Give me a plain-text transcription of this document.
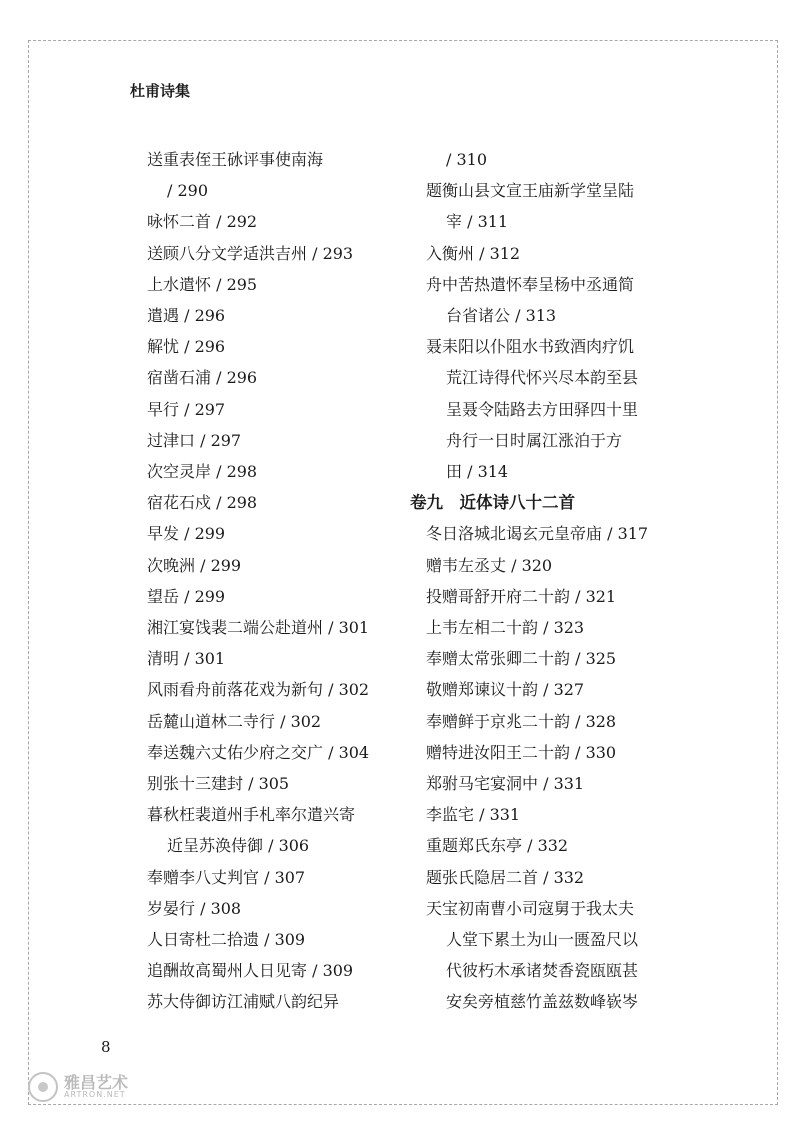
杜甫诗集
送重表侄王砅评事使南海
/ 290
咏怀二首 / 292
送顾八分文学适洪吉州 / 293
上水遣怀 / 295
遣遇 / 296
解忧 / 296
宿凿石浦 / 296
早行 / 297
过津口 / 297
次空灵岸 / 298
宿花石戍 / 298
早发 / 299
次晚洲 / 299
望岳 / 299
湘江宴饯裴二端公赴道州 / 301
清明 / 301
风雨看舟前落花戏为新句 / 302
岳麓山道林二寺行 / 302
奉送魏六丈佑少府之交广 / 304
别张十三建封 / 305
暮秋枉裴道州手札率尔遣兴寄
近呈苏涣侍御 / 306
奉赠李八丈判官 / 307
岁晏行 / 308
人日寄杜二拾遗 / 309
追酬故高蜀州人日见寄 / 309
苏大侍御访江浦赋八韵纪异
/ 310
题衡山县文宣王庙新学堂呈陆
宰 / 311
入衡州 / 312
舟中苦热遣怀奉呈杨中丞通简
台省诸公 / 313
聂耒阳以仆阻水书致酒肉疗饥
荒江诗得代怀兴尽本韵至县
呈聂令陆路去方田驿四十里
舟行一日时属江涨泊于方
田 / 314
卷九　近体诗八十二首
冬日洛城北谒玄元皇帝庙 / 317
赠韦左丞丈 / 320
投赠哥舒开府二十韵 / 321
上韦左相二十韵 / 323
奉赠太常张卿二十韵 / 325
敬赠郑谏议十韵 / 327
奉赠鲜于京兆二十韵 / 328
赠特进汝阳王二十韵 / 330
郑驸马宅宴洞中 / 331
李监宅 / 331
重题郑氏东亭 / 332
题张氏隐居二首 / 332
天宝初南曹小司寇舅于我太夫
人堂下累土为山一匮盈尺以
代彼朽木承诸焚香瓷瓯瓯甚
安矣旁植慈竹盖兹数峰嵚岑
8
雅昌艺术
ARTRON.NET
